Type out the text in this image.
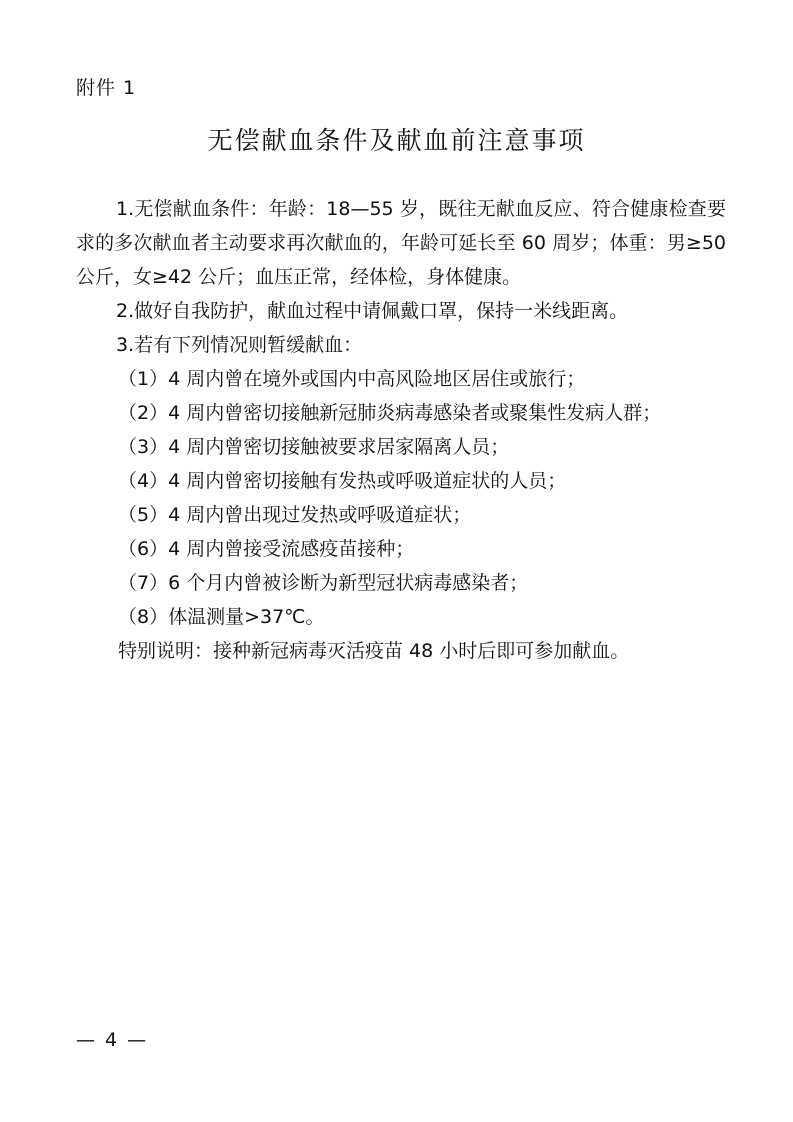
附件 1
无偿献血条件及献血前注意事项

1.无偿献血条件：年龄：18—55 岁，既往无献血反应、符合健康检查要求的多次献血者主动要求再次献血的，年龄可延长至 60 周岁；体重：男≥50 公斤，女≥42 公斤；血压正常，经体检，身体健康。

2.做好自我防护，献血过程中请佩戴口罩，保持一米线距离。

3.若有下列情况则暂缓献血：

（1）4 周内曾在境外或国内中高风险地区居住或旅行；
（2）4 周内曾密切接触新冠肺炎病毒感染者或聚集性发病人群；
（3）4 周内曾密切接触被要求居家隔离人员；
（4）4 周内曾密切接触有发热或呼吸道症状的人员；
（5）4 周内曾出现过发热或呼吸道症状；
（6）4 周内曾接受流感疫苗接种；
（7）6 个月内曾被诊断为新型冠状病毒感染者；
（8）体温测量>37℃。
特别说明：接种新冠病毒灭活疫苗 48 小时后即可参加献血。
— 4 —
